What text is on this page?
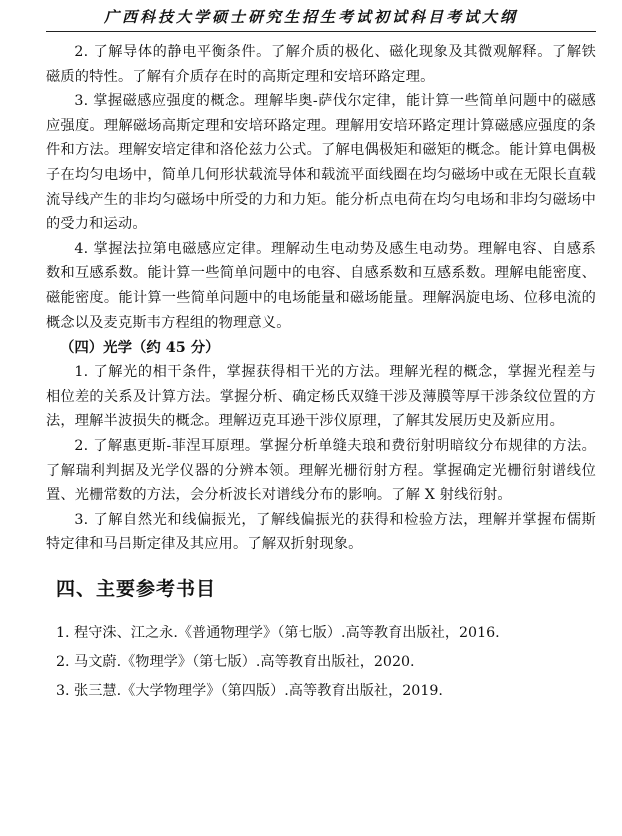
广西科技大学硕士研究生招生考试初试科目考试大纲

2. 了解导体的静电平衡条件。了解介质的极化、磁化现象及其微观解释。了解铁磁质的特性。了解有介质存在时的高斯定理和安培环路定理。

3. 掌握磁感应强度的概念。理解毕奥-萨伐尔定律，能计算一些简单问题中的磁感应强度。理解磁场高斯定理和安培环路定理。理解用安培环路定理计算磁感应强度的条件和方法。理解安培定律和洛伦兹力公式。了解电偶极矩和磁矩的概念。能计算电偶极子在均匀电场中，简单几何形状载流导体和载流平面线圈在均匀磁场中或在无限长直载流导线产生的非均匀磁场中所受的力和力矩。能分析点电荷在均匀电场和非均匀磁场中的受力和运动。

4. 掌握法拉第电磁感应定律。理解动生电动势及感生电动势。理解电容、自感系数和互感系数。能计算一些简单问题中的电容、自感系数和互感系数。理解电能密度、磁能密度。能计算一些简单问题中的电场能量和磁场能量。理解涡旋电场、位移电流的概念以及麦克斯韦方程组的物理意义。

（四）光学（约 45 分）

1. 了解光的相干条件，掌握获得相干光的方法。理解光程的概念，掌握光程差与相位差的关系及计算方法。掌握分析、确定杨氏双缝干涉及薄膜等厚干涉条纹位置的方法，理解半波损失的概念。理解迈克耳逊干涉仪原理，了解其发展历史及新应用。

2. 了解惠更斯-菲涅耳原理。掌握分析单缝夫琅和费衍射明暗纹分布规律的方法。了解瑞利判据及光学仪器的分辨本领。理解光栅衍射方程。掌握确定光栅衍射谱线位置、光栅常数的方法，会分析波长对谱线分布的影响。了解 X 射线衍射。

3. 了解自然光和线偏振光，了解线偏振光的获得和检验方法，理解并掌握布儒斯特定律和马吕斯定律及其应用。了解双折射现象。

四、主要参考书目
1. 程守洙、江之永.《普通物理学》（第七版）.高等教育出版社，2016.
2. 马文蔚.《物理学》（第七版）.高等教育出版社，2020.
3. 张三慧.《大学物理学》（第四版）.高等教育出版社，2019.
